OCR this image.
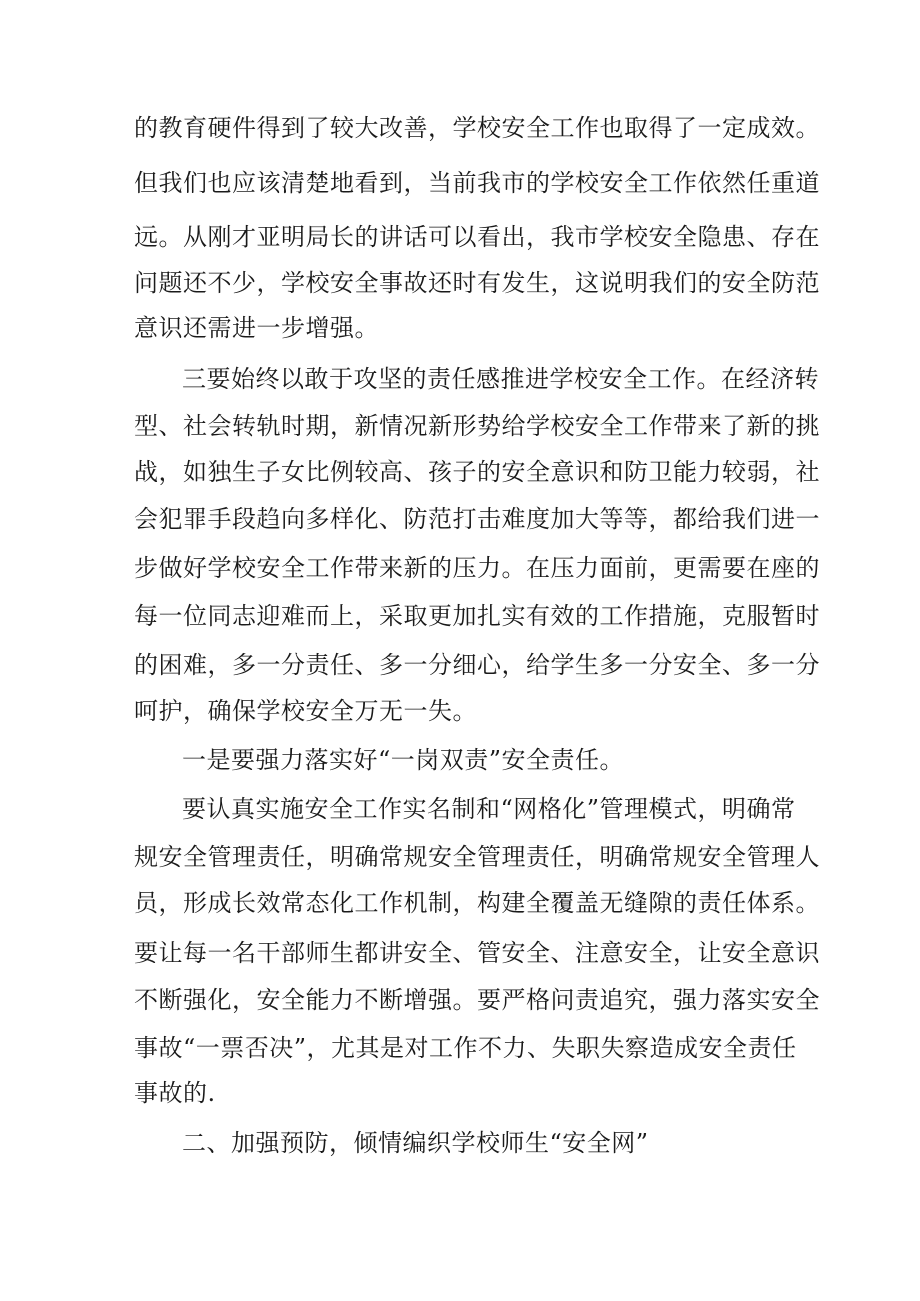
的教育硬件得到了较大改善，学校安全工作也取得了一定成效。
但我们也应该清楚地看到，当前我市的学校安全工作依然任重道
远。从刚才亚明局长的讲话可以看出，我市学校安全隐患、存在
问题还不少，学校安全事故还时有发生，这说明我们的安全防范
意识还需进一步增强。
三要始终以敢于攻坚的责任感推进学校安全工作。在经济转
型、社会转轨时期，新情况新形势给学校安全工作带来了新的挑
战，如独生子女比例较高、孩子的安全意识和防卫能力较弱，社
会犯罪手段趋向多样化、防范打击难度加大等等，都给我们进一
步做好学校安全工作带来新的压力。在压力面前，更需要在座的
每一位同志迎难而上，采取更加扎实有效的工作措施，克服暂时
的困难，多一分责任、多一分细心，给学生多一分安全、多一分
呵护，确保学校安全万无一失。
一是要强力落实好“一岗双责”安全责任。
要认真实施安全工作实名制和“网格化”管理模式，明确常
规安全管理责任，明确常规安全管理责任，明确常规安全管理人
员，形成长效常态化工作机制，构建全覆盖无缝隙的责任体系。
要让每一名干部师生都讲安全、管安全、注意安全，让安全意识
不断强化，安全能力不断增强。要严格问责追究，强力落实安全
事故“一票否决”，尤其是对工作不力、失职失察造成安全责任
事故的.
二、加强预防，倾情编织学校师生“安全网”
